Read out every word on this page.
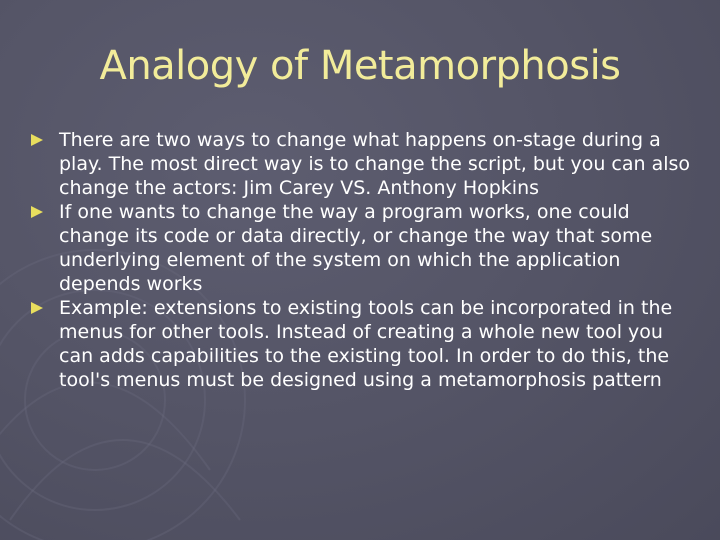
Analogy of Metamorphosis
There are two ways to change what happens on-stage during a play. The most direct way is to change the script, but you can also change the actors: Jim Carey VS. Anthony Hopkins
If one wants to change the way a program works, one could change its code or data directly, or change the way that some underlying element of the system on which the application depends works
Example: extensions to existing tools can be incorporated in the menus for other tools. Instead of creating a whole new tool you can adds capabilities to the existing tool. In order to do this, the tool's menus must be designed using a metamorphosis pattern
